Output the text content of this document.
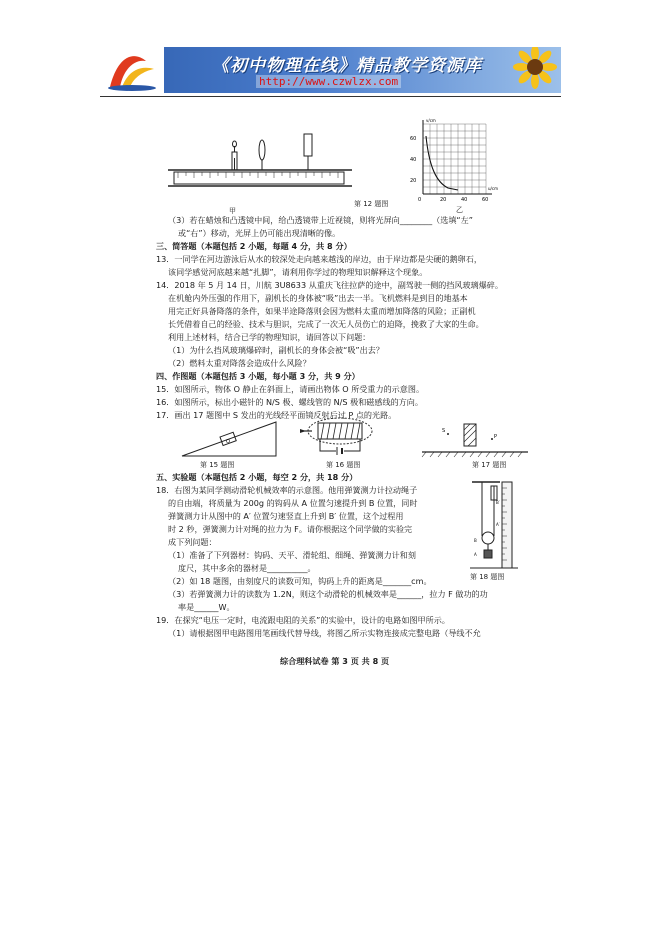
《初中物理在线》精品教学资源库
http://www.czwlzx.com
甲
第 12 题图
v/cm
u/cm
60
40
20
0	20	40	60
乙
（3）若在蜡烛和凸透镜中间，给凸透镜带上近视镜，则将光屏向________（选填“左”
或“右”）移动，光屏上仍可能出现清晰的像。
三、简答题（本题包括 2 小题，每题 4 分，共 8 分）
13．一同学在河边游泳后从水的较深处走向越来越浅的岸边，由于岸边都是尖硬的鹅卵石，
该同学感觉河底越来越“扎脚”，请利用你学过的物理知识解释这个现象。
14．2018 年 5 月 14 日，川航 3U8633 从重庆飞往拉萨的途中，副驾驶一侧的挡风玻璃爆碎。
在机舱内外压强的作用下，副机长的身体被“吸”出去一半。飞机燃料是到目的地基本
用完正好具备降落的条件，如果半途降落则会因为燃料太重而增加降落的风险；正副机
长凭借着自己的经验、技术与胆识，完成了一次无人员伤亡的迫降，挽救了大家的生命。
利用上述材料，结合已学的物理知识，请回答以下问题：
（1）为什么挡风玻璃爆碎时，副机长的身体会被“吸”出去？
（2）燃料太重对降落会造成什么风险？
四、作图题（本题包括 3 小题，每小题 3 分，共 9 分）
15．如图所示，物体 O 静止在斜面上，请画出物体 O 所受重力的示意图。
16．如图所示，标出小磁针的 N/S 极、螺线管的 N/S 极和磁感线的方向。
17．画出 17 题图中 S 发出的光线经平面镜反射后过 P 点的光路。
O
第 15 题图	第 16 题图
S
P
第 17 题图
五、实验题（本题包括 2 小题，每空 2 分，共 18 分）
18．右图为某同学测动滑轮机械效率的示意图。他用弹簧测力计拉动绳子
的自由端，将质量为 200g 的钩码从 A 位置匀速提升到 B 位置，同时
弹簧测力计从图中的 A′ 位置匀速竖直上升到 B′ 位置，这个过程用
时 2 秒，弹簧测力计对绳的拉力为 F。请你根据这个同学做的实验完
成下列问题：
（1）准备了下列器材：钩码、天平、滑轮组、细绳、弹簧测力计和刻
度尺，其中多余的器材是__________。
（2）如 18 题图，由刻度尺的读数可知，钩码上升的距离是_______cm。
（3）若弹簧测力计的读数为 1.2N，则这个动滑轮的机械效率是______，拉力 F 做功的功
率是______W。
19．在探究“电压一定时，电流跟电阻的关系”的实验中，设计的电路如图甲所示。
（1）请根据图甲电路图用笔画线代替导线，将图乙所示实物连接成完整电路（导线不允
B′
A′
B
A
第 18 题图
综合理科试卷 第 3 页 共 8 页
